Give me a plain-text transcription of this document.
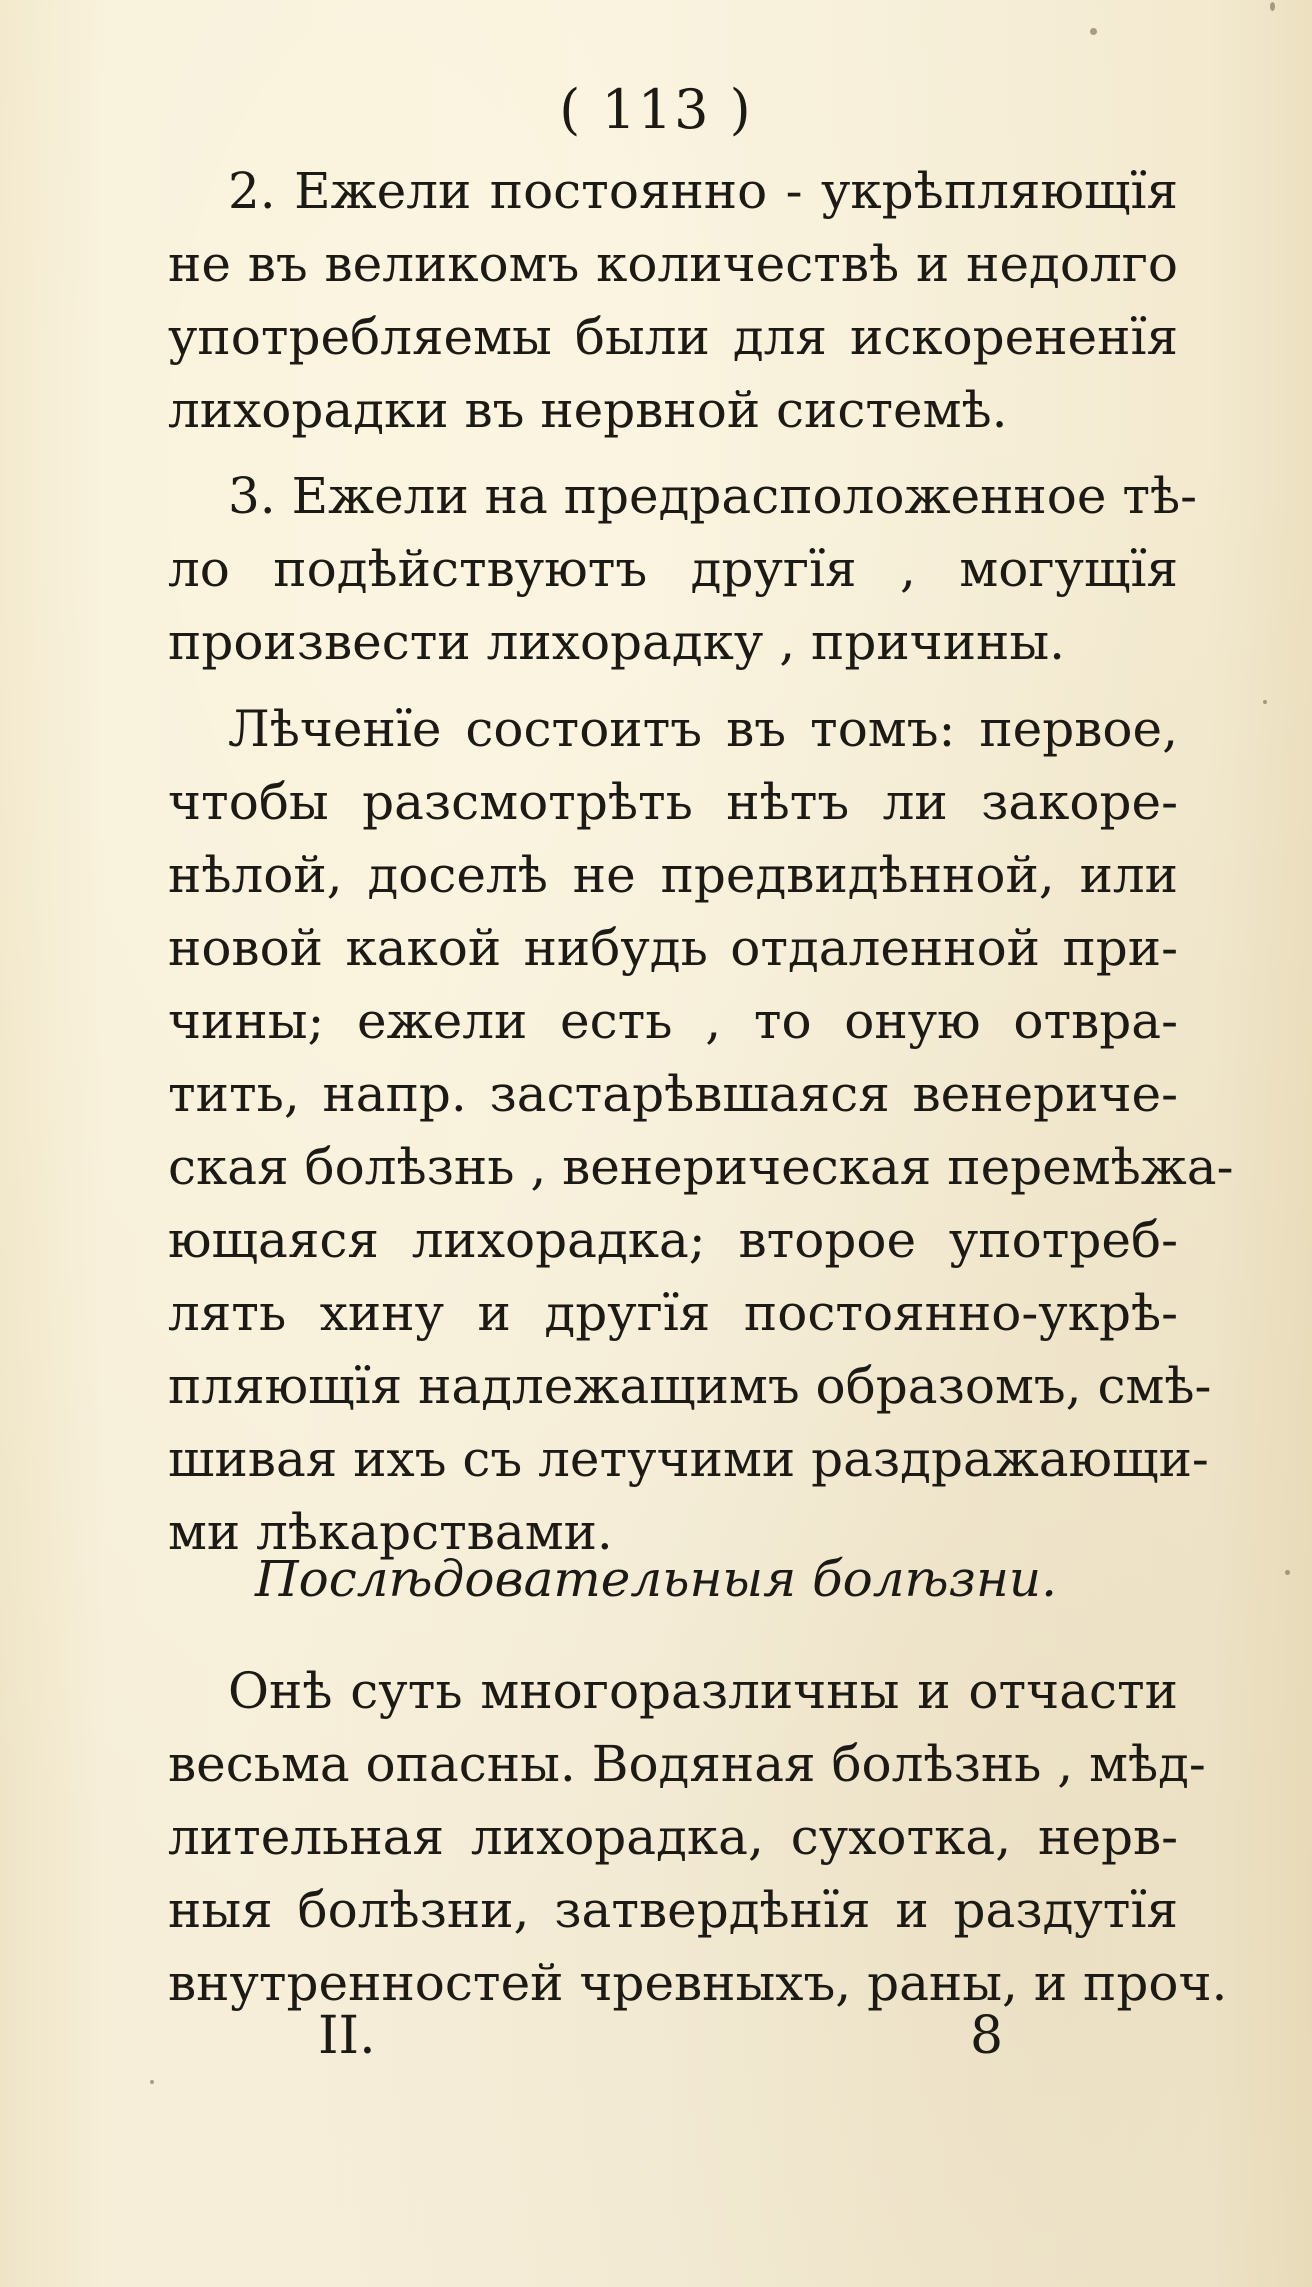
( 113 )
2. Ежели постоянно - укрѣпляющїя
не въ великомъ количествѣ и недолго
употребляемы были для искорененїя
лихорадки въ нервной системѣ.
3. Ежели на предрасположенное тѣ-
ло подѣйствуютъ другїя , могущїя
произвести лихорадку , причины.
Лѣченїе состоитъ въ томъ: первое,
чтобы разсмотрѣть нѣтъ ли закоре-
нѣлой, доселѣ не предвидѣнной, или
новой какой нибудь отдаленной при-
чины; ежели есть , то оную отвра-
тить, напр. застарѣвшаяся венериче-
ская болѣзнь , венерическая перемѣжа-
ющаяся лихорадка; второе употреб-
лять хину и другїя постоянно-укрѣ-
пляющїя надлежащимъ образомъ, смѣ-
шивая ихъ съ летучими раздражающи-
ми лѣкарствами.
Послѣдовательныя болѣзни.
Онѣ суть многоразличны и отчасти
весьма опасны. Водяная болѣзнь , мѣд-
лительная лихорадка, сухотка, нерв-
ныя болѣзни, затвердѣнїя и раздутїя
внутренностей чревныхъ, раны, и проч.
II.	8
